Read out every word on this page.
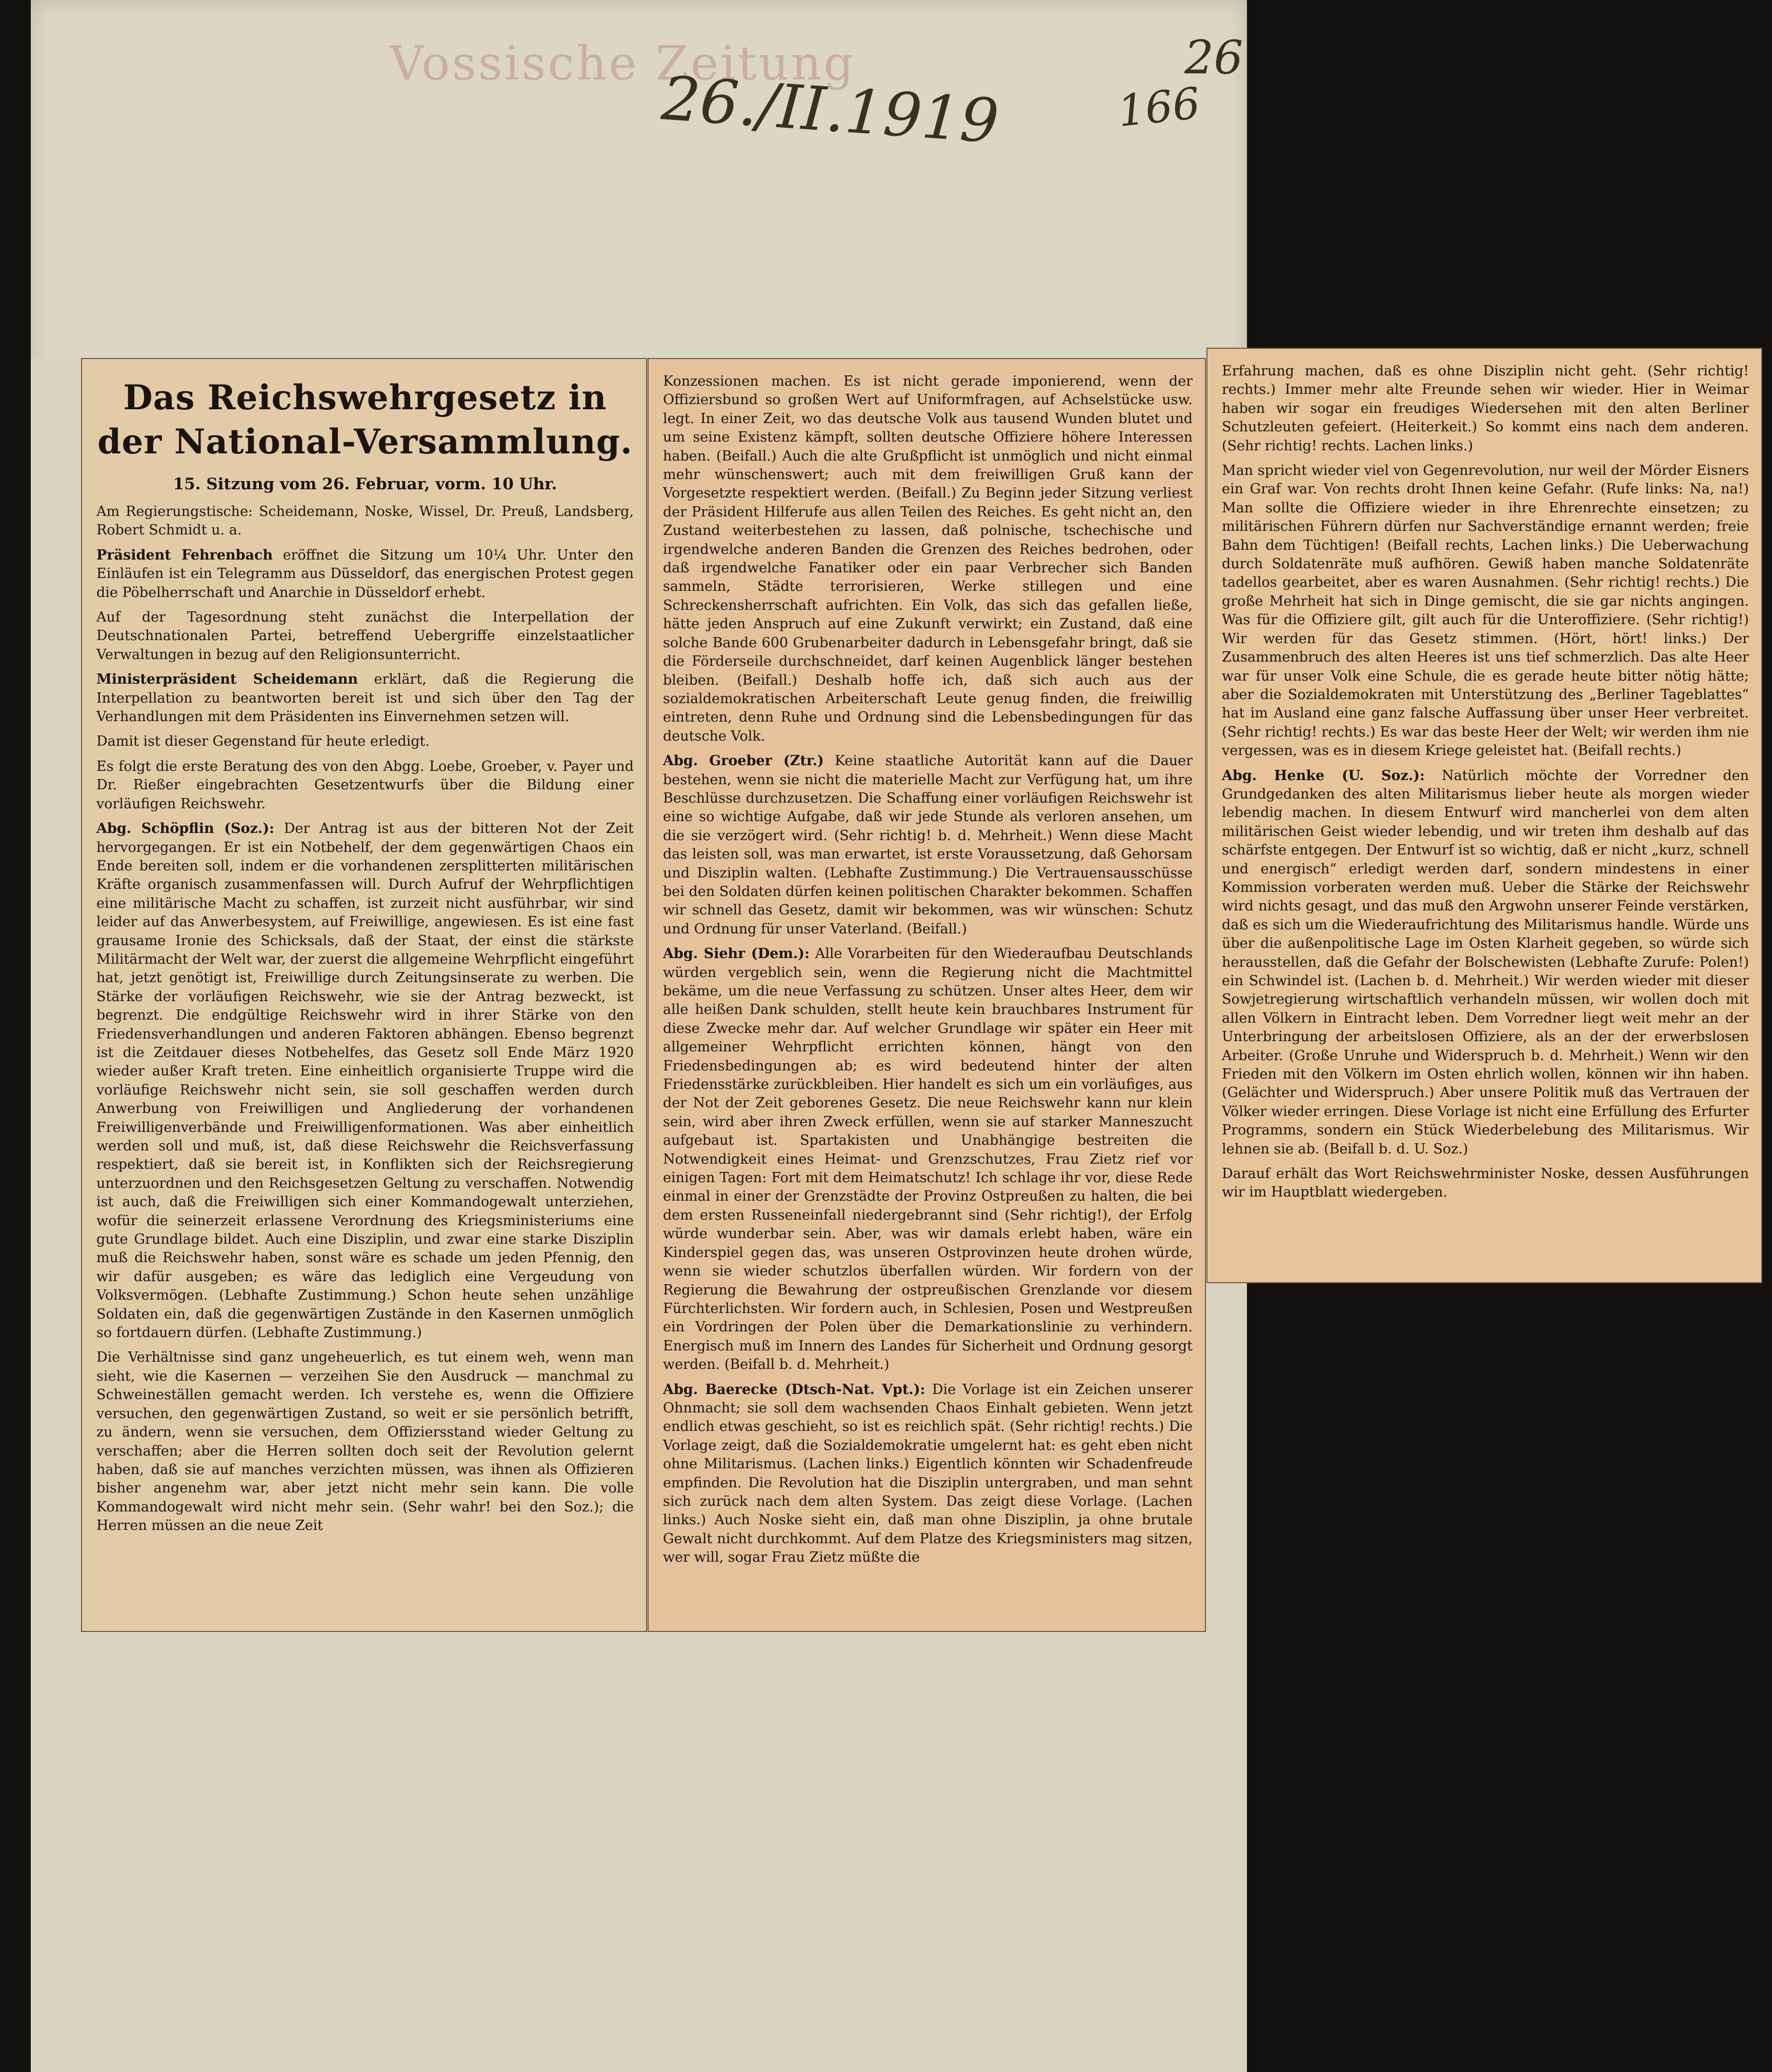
Vossische Zeitung
26./II.1919	166
26
Das Reichswehrgesetz in der National-Versammlung.
15. Sitzung vom 26. Februar, vorm. 10 Uhr.

Am Regierungstische: Scheidemann, Noske, Wissel, Dr. Preuß, Landsberg, Robert Schmidt u. a.

Präsident Fehrenbach eröffnet die Sitzung um 10¼ Uhr. Unter den Einläufen ist ein Telegramm aus Düsseldorf, das energischen Protest gegen die Pöbelherrschaft und Anarchie in Düsseldorf erhebt.

Auf der Tagesordnung steht zunächst die Interpellation der Deutschnationalen Partei, betreffend Uebergriffe einzelstaatlicher Verwaltungen in bezug auf den Religionsunterricht.

Ministerpräsident Scheidemann erklärt, daß die Regierung die Interpellation zu beantworten bereit ist und sich über den Tag der Verhandlungen mit dem Präsidenten ins Einvernehmen setzen will.

Damit ist dieser Gegenstand für heute erledigt.

Es folgt die erste Beratung des von den Abgg. Loebe, Groeber, v. Payer und Dr. Rießer eingebrachten Gesetzentwurfs über die Bildung einer vorläufigen Reichswehr.

Abg. Schöpflin (Soz.): Der Antrag ist aus der bitteren Not der Zeit hervorgegangen. Er ist ein Notbehelf, der dem gegenwärtigen Chaos ein Ende bereiten soll, indem er die vorhandenen zersplitterten militärischen Kräfte organisch zusammenfassen will. Durch Aufruf der Wehrpflichtigen eine militärische Macht zu schaffen, ist zurzeit nicht ausführbar, wir sind leider auf das Anwerbesystem, auf Freiwillige, angewiesen. Es ist eine fast grausame Ironie des Schicksals, daß der Staat, der einst die stärkste Militärmacht der Welt war, der zuerst die allgemeine Wehrpflicht eingeführt hat, jetzt genötigt ist, Freiwillige durch Zeitungsinserate zu werben. Die Stärke der vorläufigen Reichswehr, wie sie der Antrag bezweckt, ist begrenzt. Die endgültige Reichswehr wird in ihrer Stärke von den Friedensverhandlungen und anderen Faktoren abhängen. Ebenso begrenzt ist die Zeitdauer dieses Notbehelfes, das Gesetz soll Ende März 1920 wieder außer Kraft treten. Eine einheitlich organisierte Truppe wird die vorläufige Reichswehr nicht sein, sie soll geschaffen werden durch Anwerbung von Freiwilligen und Angliederung der vorhandenen Freiwilligenverbände und Freiwilligenformationen. Was aber einheitlich werden soll und muß, ist, daß diese Reichswehr die Reichsverfassung respektiert, daß sie bereit ist, in Konflikten sich der Reichsregierung unterzuordnen und den Reichsgesetzen Geltung zu verschaffen. Notwendig ist auch, daß die Freiwilligen sich einer Kommandogewalt unterziehen, wofür die seinerzeit erlassene Verordnung des Kriegsministeriums eine gute Grundlage bildet. Auch eine Disziplin, und zwar eine starke Disziplin muß die Reichswehr haben, sonst wäre es schade um jeden Pfennig, den wir dafür ausgeben; es wäre das lediglich eine Vergeudung von Volksvermögen. (Lebhafte Zustimmung.) Schon heute sehen unzählige Soldaten ein, daß die gegenwärtigen Zustände in den Kasernen unmöglich so fortdauern dürfen. (Lebhafte Zustimmung.)

Die Verhältnisse sind ganz ungeheuerlich, es tut einem weh, wenn man sieht, wie die Kasernen — verzeihen Sie den Ausdruck — manchmal zu Schweineställen gemacht werden. Ich verstehe es, wenn die Offiziere versuchen, den gegenwärtigen Zustand, so weit er sie persönlich betrifft, zu ändern, wenn sie versuchen, dem Offiziersstand wieder Geltung zu verschaffen; aber die Herren sollten doch seit der Revolution gelernt haben, daß sie auf manches verzichten müssen, was ihnen als Offizieren bisher angenehm war, aber jetzt nicht mehr sein kann. Die volle Kommandogewalt wird nicht mehr sein. (Sehr wahr! bei den Soz.); die Herren müssen an die neue Zeit

Konzessionen machen. Es ist nicht gerade imponierend, wenn der Offiziersbund so großen Wert auf Uniformfragen, auf Achselstücke usw. legt. In einer Zeit, wo das deutsche Volk aus tausend Wunden blutet und um seine Existenz kämpft, sollten deutsche Offiziere höhere Interessen haben. (Beifall.) Auch die alte Grußpflicht ist unmöglich und nicht einmal mehr wünschenswert; auch mit dem freiwilligen Gruß kann der Vorgesetzte respektiert werden. (Beifall.) Zu Beginn jeder Sitzung verliest der Präsident Hilferufe aus allen Teilen des Reiches. Es geht nicht an, den Zustand weiterbestehen zu lassen, daß polnische, tschechische und irgendwelche anderen Banden die Grenzen des Reiches bedrohen, oder daß irgendwelche Fanatiker oder ein paar Verbrecher sich Banden sammeln, Städte terrorisieren, Werke stillegen und eine Schreckensherrschaft aufrichten. Ein Volk, das sich das gefallen ließe, hätte jeden Anspruch auf eine Zukunft verwirkt; ein Zustand, daß eine solche Bande 600 Grubenarbeiter dadurch in Lebensgefahr bringt, daß sie die Förderseile durchschneidet, darf keinen Augenblick länger bestehen bleiben. (Beifall.) Deshalb hoffe ich, daß sich auch aus der sozialdemokratischen Arbeiterschaft Leute genug finden, die freiwillig eintreten, denn Ruhe und Ordnung sind die Lebensbedingungen für das deutsche Volk.

Abg. Groeber (Ztr.) Keine staatliche Autorität kann auf die Dauer bestehen, wenn sie nicht die materielle Macht zur Verfügung hat, um ihre Beschlüsse durchzusetzen. Die Schaffung einer vorläufigen Reichswehr ist eine so wichtige Aufgabe, daß wir jede Stunde als verloren ansehen, um die sie verzögert wird. (Sehr richtig! b. d. Mehrheit.) Wenn diese Macht das leisten soll, was man erwartet, ist erste Voraussetzung, daß Gehorsam und Disziplin walten. (Lebhafte Zustimmung.) Die Vertrauensausschüsse bei den Soldaten dürfen keinen politischen Charakter bekommen. Schaffen wir schnell das Gesetz, damit wir bekommen, was wir wünschen: Schutz und Ordnung für unser Vaterland. (Beifall.)

Abg. Siehr (Dem.): Alle Vorarbeiten für den Wiederaufbau Deutschlands würden vergeblich sein, wenn die Regierung nicht die Machtmittel bekäme, um die neue Verfassung zu schützen. Unser altes Heer, dem wir alle heißen Dank schulden, stellt heute kein brauchbares Instrument für diese Zwecke mehr dar. Auf welcher Grundlage wir später ein Heer mit allgemeiner Wehrpflicht errichten können, hängt von den Friedensbedingungen ab; es wird bedeutend hinter der alten Friedensstärke zurückbleiben. Hier handelt es sich um ein vorläufiges, aus der Not der Zeit geborenes Gesetz. Die neue Reichswehr kann nur klein sein, wird aber ihren Zweck erfüllen, wenn sie auf starker Manneszucht aufgebaut ist. Spartakisten und Unabhängige bestreiten die Notwendigkeit eines Heimat- und Grenzschutzes, Frau Zietz rief vor einigen Tagen: Fort mit dem Heimatschutz! Ich schlage ihr vor, diese Rede einmal in einer der Grenzstädte der Provinz Ostpreußen zu halten, die bei dem ersten Russeneinfall niedergebrannt sind (Sehr richtig!), der Erfolg würde wunderbar sein. Aber, was wir damals erlebt haben, wäre ein Kinderspiel gegen das, was unseren Ostprovinzen heute drohen würde, wenn sie wieder schutzlos überfallen würden. Wir fordern von der Regierung die Bewahrung der ostpreußischen Grenzlande vor diesem Fürchterlichsten. Wir fordern auch, in Schlesien, Posen und Westpreußen ein Vordringen der Polen über die Demarkationslinie zu verhindern. Energisch muß im Innern des Landes für Sicherheit und Ordnung gesorgt werden. (Beifall b. d. Mehrheit.)

Abg. Baerecke (Dtsch-Nat. Vpt.): Die Vorlage ist ein Zeichen unserer Ohnmacht; sie soll dem wachsenden Chaos Einhalt gebieten. Wenn jetzt endlich etwas geschieht, so ist es reichlich spät. (Sehr richtig! rechts.) Die Vorlage zeigt, daß die Sozialdemokratie umgelernt hat: es geht eben nicht ohne Militarismus. (Lachen links.) Eigentlich könnten wir Schadenfreude empfinden. Die Revolution hat die Disziplin untergraben, und man sehnt sich zurück nach dem alten System. Das zeigt diese Vorlage. (Lachen links.) Auch Noske sieht ein, daß man ohne Disziplin, ja ohne brutale Gewalt nicht durchkommt. Auf dem Platze des Kriegsministers mag sitzen, wer will, sogar Frau Zietz müßte die

Erfahrung machen, daß es ohne Disziplin nicht geht. (Sehr richtig! rechts.) Immer mehr alte Freunde sehen wir wieder. Hier in Weimar haben wir sogar ein freudiges Wiedersehen mit den alten Berliner Schutzleuten gefeiert. (Heiterkeit.) So kommt eins nach dem anderen. (Sehr richtig! rechts. Lachen links.)

Man spricht wieder viel von Gegenrevolution, nur weil der Mörder Eisners ein Graf war. Von rechts droht Ihnen keine Gefahr. (Rufe links: Na, na!) Man sollte die Offiziere wieder in ihre Ehrenrechte einsetzen; zu militärischen Führern dürfen nur Sachverständige ernannt werden; freie Bahn dem Tüchtigen! (Beifall rechts, Lachen links.) Die Ueberwachung durch Soldatenräte muß aufhören. Gewiß haben manche Soldatenräte tadellos gearbeitet, aber es waren Ausnahmen. (Sehr richtig! rechts.) Die große Mehrheit hat sich in Dinge gemischt, die sie gar nichts angingen. Was für die Offiziere gilt, gilt auch für die Unteroffiziere. (Sehr richtig!) Wir werden für das Gesetz stimmen. (Hört, hört! links.) Der Zusammenbruch des alten Heeres ist uns tief schmerzlich. Das alte Heer war für unser Volk eine Schule, die es gerade heute bitter nötig hätte; aber die Sozialdemokraten mit Unterstützung des „Berliner Tageblattes“ hat im Ausland eine ganz falsche Auffassung über unser Heer verbreitet. (Sehr richtig! rechts.) Es war das beste Heer der Welt; wir werden ihm nie vergessen, was es in diesem Kriege geleistet hat. (Beifall rechts.)

Abg. Henke (U. Soz.): Natürlich möchte der Vorredner den Grundgedanken des alten Militarismus lieber heute als morgen wieder lebendig machen. In diesem Entwurf wird mancherlei von dem alten militärischen Geist wieder lebendig, und wir treten ihm deshalb auf das schärfste entgegen. Der Entwurf ist so wichtig, daß er nicht „kurz, schnell und energisch“ erledigt werden darf, sondern mindestens in einer Kommission vorberaten werden muß. Ueber die Stärke der Reichswehr wird nichts gesagt, und das muß den Argwohn unserer Feinde verstärken, daß es sich um die Wiederaufrichtung des Militarismus handle. Würde uns über die außenpolitische Lage im Osten Klarheit gegeben, so würde sich herausstellen, daß die Gefahr der Bolschewisten (Lebhafte Zurufe: Polen!) ein Schwindel ist. (Lachen b. d. Mehrheit.) Wir werden wieder mit dieser Sowjetregierung wirtschaftlich verhandeln müssen, wir wollen doch mit allen Völkern in Eintracht leben. Dem Vorredner liegt weit mehr an der Unterbringung der arbeitslosen Offiziere, als an der der erwerbslosen Arbeiter. (Große Unruhe und Widerspruch b. d. Mehrheit.) Wenn wir den Frieden mit den Völkern im Osten ehrlich wollen, können wir ihn haben. (Gelächter und Widerspruch.) Aber unsere Politik muß das Vertrauen der Völker wieder erringen. Diese Vorlage ist nicht eine Erfüllung des Erfurter Programms, sondern ein Stück Wiederbelebung des Militarismus. Wir lehnen sie ab. (Beifall b. d. U. Soz.)

Darauf erhält das Wort Reichswehrminister Noske, dessen Ausführungen wir im Hauptblatt wiedergeben.
